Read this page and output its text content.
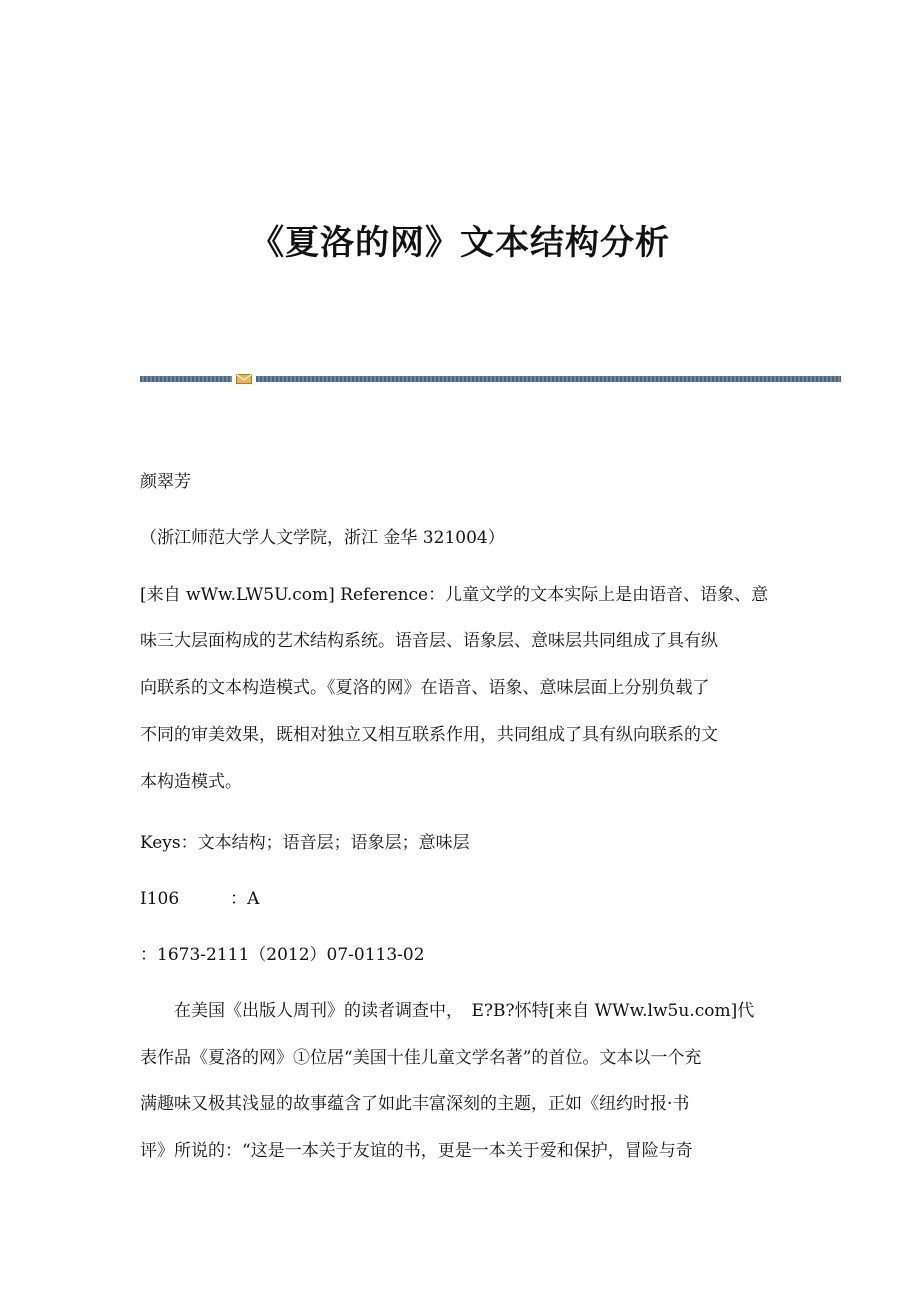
《夏洛的网》文本结构分析

颜翠芳

（浙江师范大学人文学院，浙江 金华 321004）

[来自 wWw.LW5U.com] Reference：儿童文学的文本实际上是由语音、语象、意

味三大层面构成的艺术结构系统。语音层、语象层、意味层共同组成了具有纵

向联系的文本构造模式。《夏洛的网》在语音、语象、意味层面上分别负载了

不同的审美效果，既相对独立又相互联系作用，共同组成了具有纵向联系的文

本构造模式。

Keys：文本结构；语音层；语象层；意味层

I106　　　：A

：1673-2111（2012）07-0113-02

　　在美国《出版人周刊》的读者调查中，　E?B?怀特[来自 WWw.lw5u.com]代

表作品《夏洛的网》①位居“美国十佳儿童文学名著”的首位。文本以一个充

满趣味又极其浅显的故事蕴含了如此丰富深刻的主题，正如《纽约时报·书

评》所说的：“这是一本关于友谊的书，更是一本关于爱和保护，冒险与奇
